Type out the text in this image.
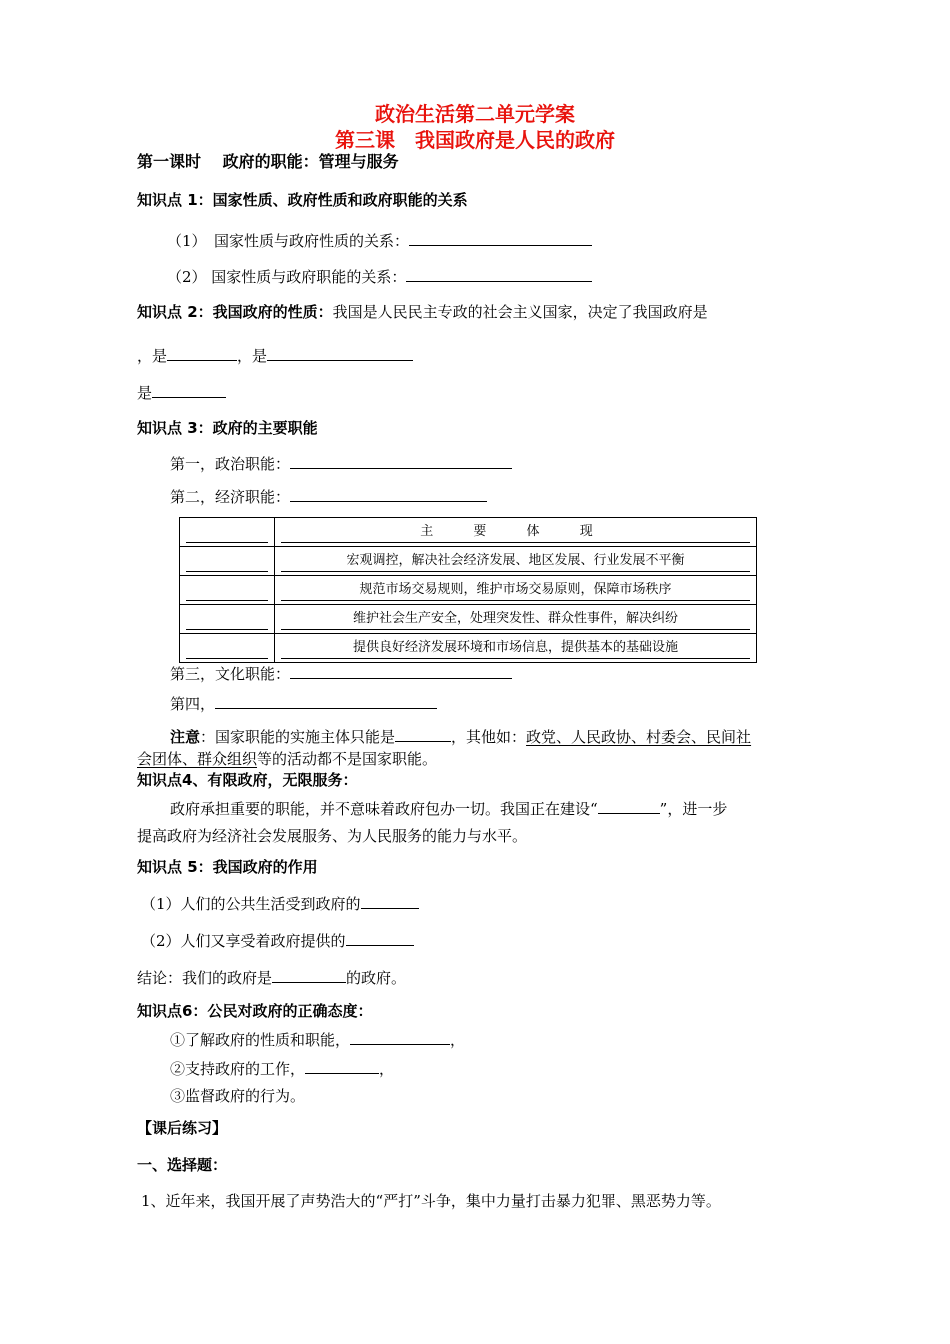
政治生活第二单元学案
第三课　我国政府是人民的政府
第一课时　 政府的职能：管理与服务
知识点 1：国家性质、政府性质和政府职能的关系
（1）　国家性质与政府性质的关系：
（2） 国家性质与政府职能的关系：
知识点 2：我国政府的性质：我国是人民民主专政的社会主义国家，决定了我国政府是
，是	，是
是
知识点 3：政府的主要职能
第一，政治职能：
第二，经济职能：

	主 要 体 现

	宏观调控，解决社会经济发展、地区发展、行业发展不平衡

	规范市场交易规则，维护市场交易原则，保障市场秩序

	维护社会生产安全，处理突发性、群众性事件，解决纠纷

	提供良好经济发展环境和市场信息，提供基本的基础设施
第三，文化职能：
第四，
注意：国家职能的实施主体只能是	，其他如：政党、人民政协、村委会、民间社
会团体、群众组织等的活动都不是国家职能。
知识点4、有限政府，无限服务：
政府承担重要的职能，并不意味着政府包办一切。我国正在建设“	”，进一步
提高政府为经济社会发展服务、为人民服务的能力与水平。
知识点 5：我国政府的作用
（1）人们的公共生活受到政府的
（2）人们又享受着政府提供的
结论：我们的政府是	的政府。
知识点6：公民对政府的正确态度：
①了解政府的性质和职能，	，
②支持政府的工作，	，
③监督政府的行为。
【课后练习】
一、选择题：
1、近年来，我国开展了声势浩大的“严打”斗争，集中力量打击暴力犯罪、黑恶势力等。
